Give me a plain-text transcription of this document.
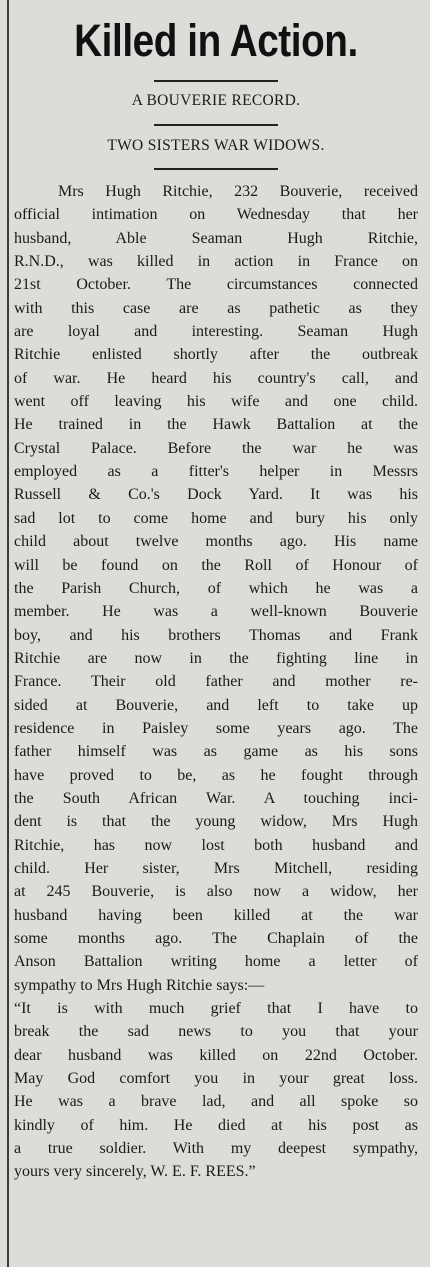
Killed in Action.
A BOUVERIE RECORD.
TWO SISTERS WAR WIDOWS.
Mrs Hugh Ritchie, 232 Bouverie, received
official intimation on Wednesday that her
husband, Able Seaman Hugh Ritchie,
R.N.D., was killed in action in France on
21st October. The circumstances connected
with this case are as pathetic as they
are loyal and interesting. Seaman Hugh
Ritchie enlisted shortly after the outbreak
of war. He heard his country's call, and
went off leaving his wife and one child.
He trained in the Hawk Battalion at the
Crystal Palace. Before the war he was
employed as a fitter's helper in Messrs
Russell & Co.'s Dock Yard. It was his
sad lot to come home and bury his only
child about twelve months ago. His name
will be found on the Roll of Honour of
the Parish Church, of which he was a
member. He was a well-known Bouverie
boy, and his brothers Thomas and Frank
Ritchie are now in the fighting line in
France. Their old father and mother re-
sided at Bouverie, and left to take up
residence in Paisley some years ago. The
father himself was as game as his sons
have proved to be, as he fought through
the South African War. A touching inci-
dent is that the young widow, Mrs Hugh
Ritchie, has now lost both husband and
child. Her sister, Mrs Mitchell, residing
at 245 Bouverie, is also now a widow, her
husband having been killed at the war
some months ago. The Chaplain of the
Anson Battalion writing home a letter of
sympathy to Mrs Hugh Ritchie says:—
“It is with much grief that I have to
break the sad news to you that your
dear husband was killed on 22nd October.
May God comfort you in your great loss.
He was a brave lad, and all spoke so
kindly of him. He died at his post as
a true soldier. With my deepest sympathy,
yours very sincerely, W. E. F. REES.”
